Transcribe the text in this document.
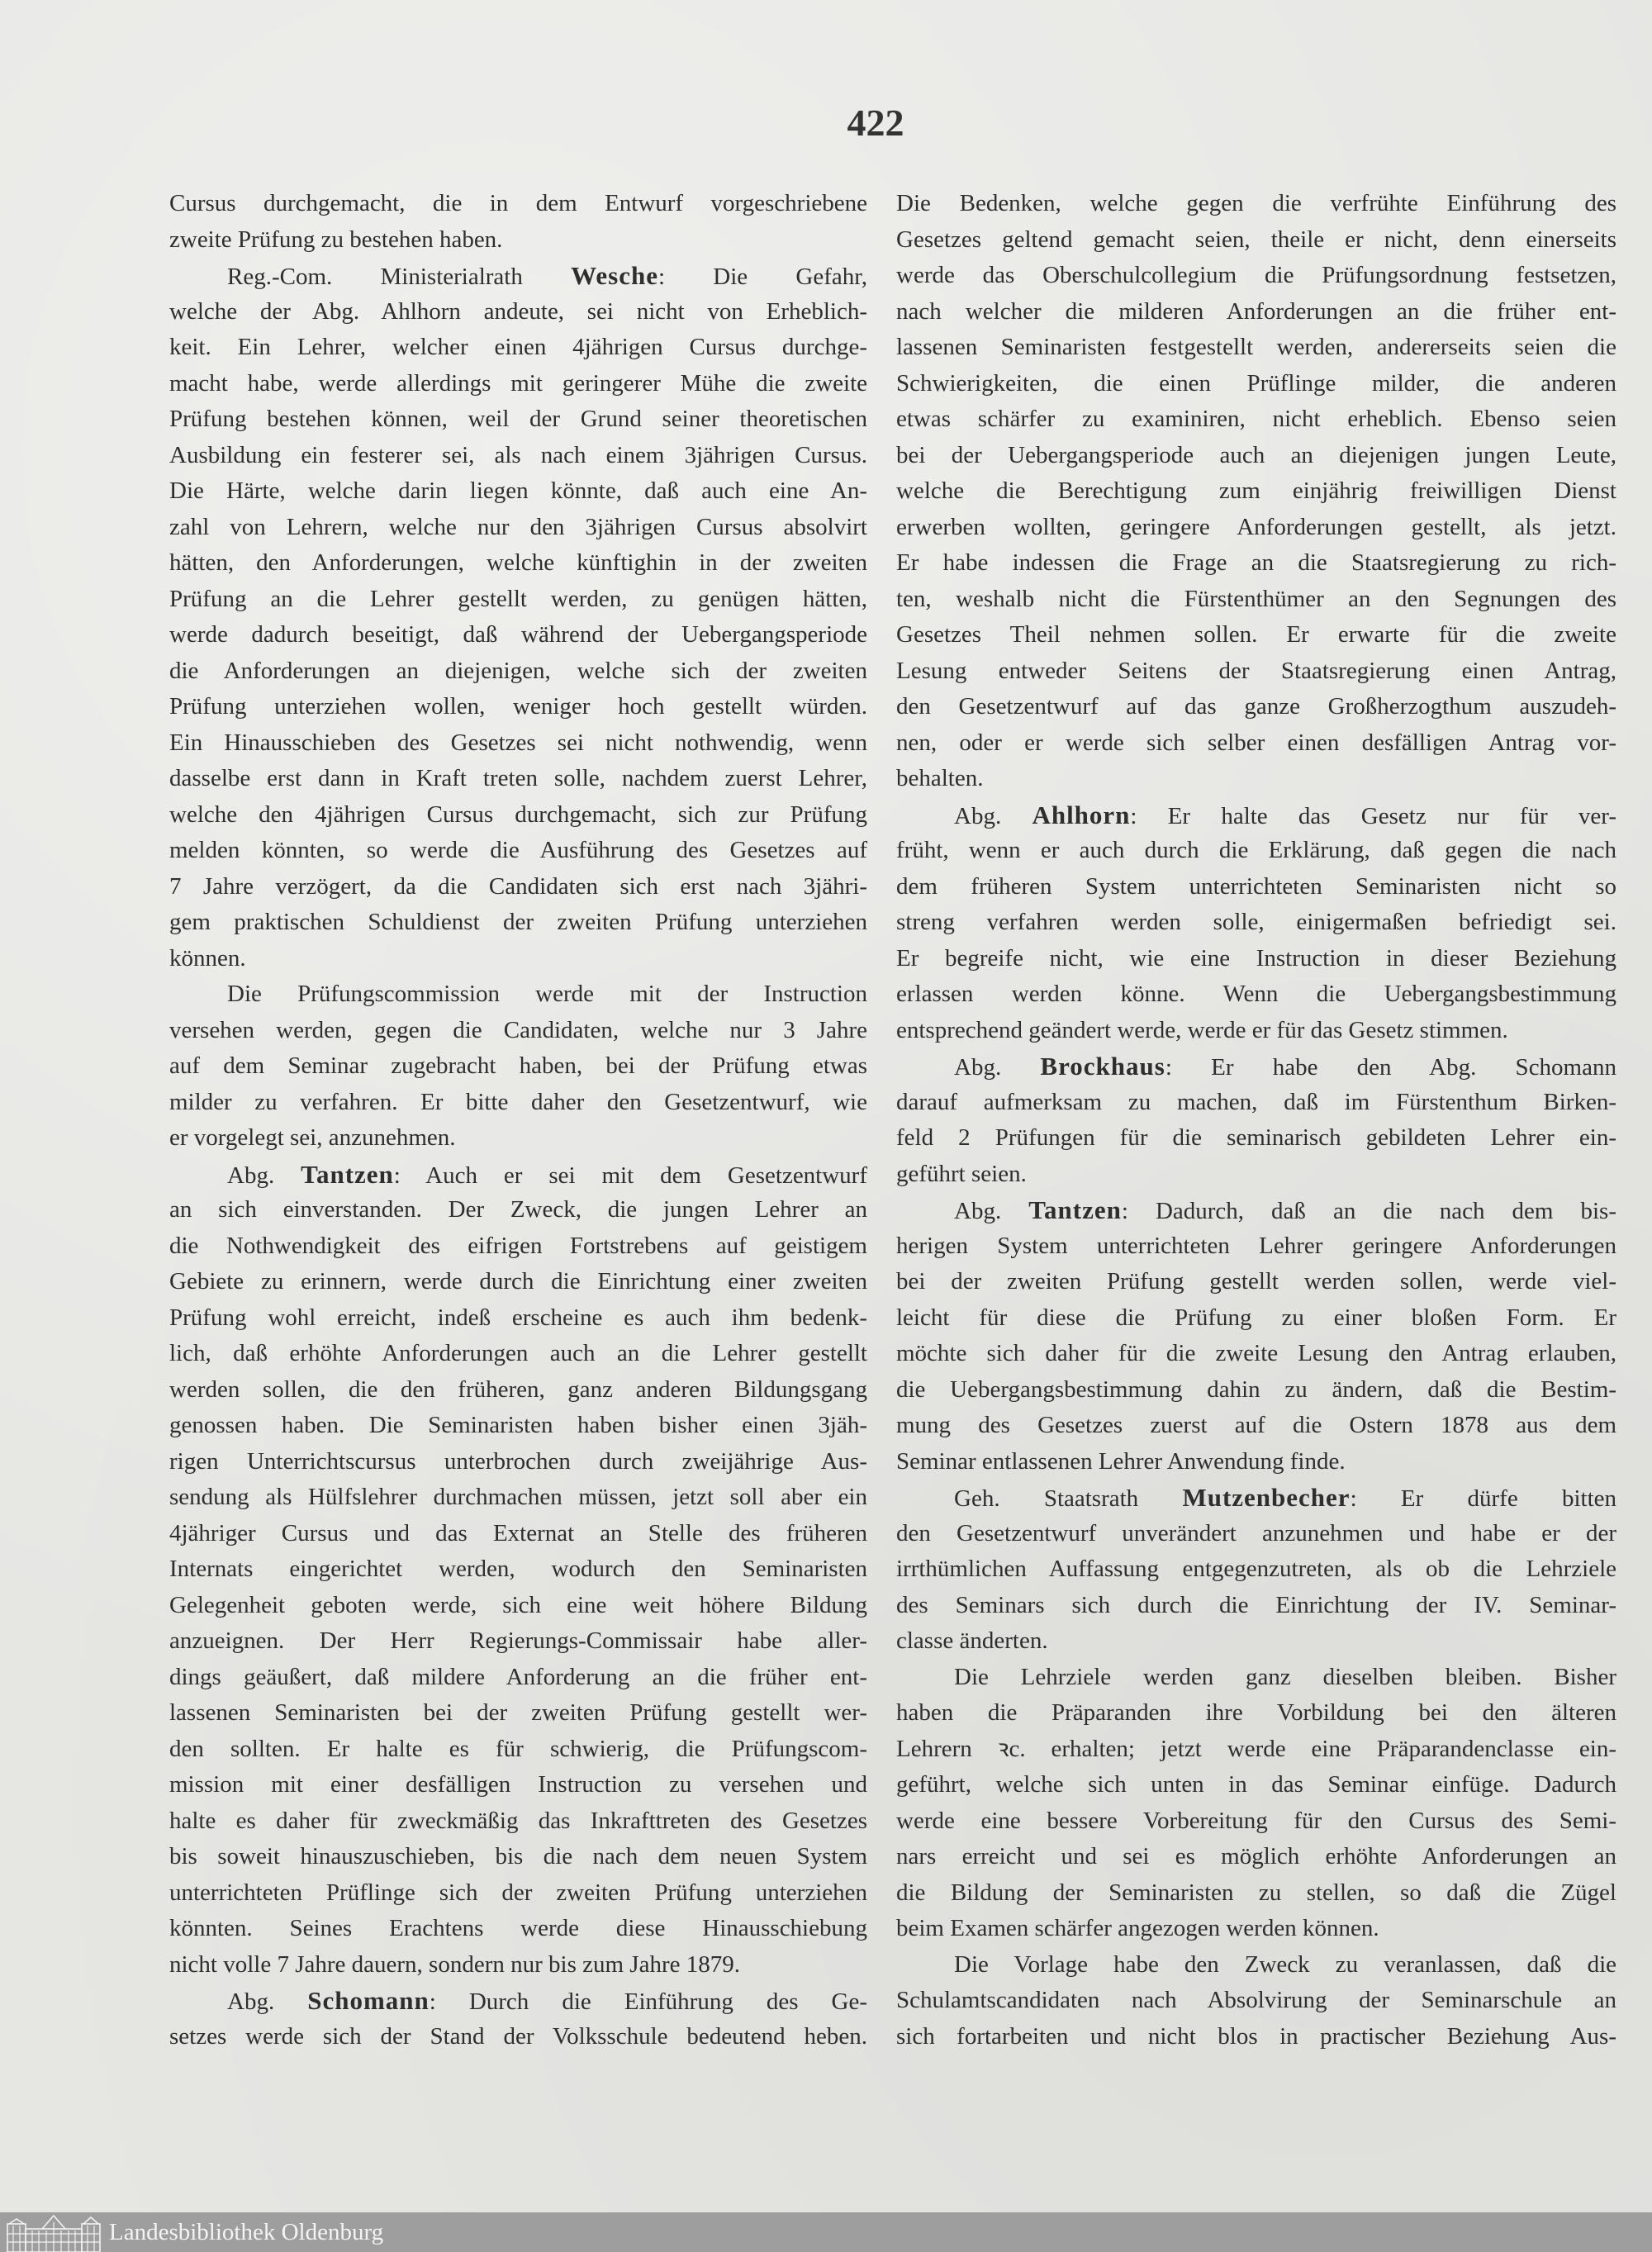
422
Cursus durchgemacht, die in dem Entwurf vorgeschriebene
zweite Prüfung zu bestehen haben.
Reg.-Com. Ministerialrath Wesche: Die Gefahr,
welche der Abg. Ahlhorn andeute, sei nicht von Erheblich-
keit. Ein Lehrer, welcher einen 4jährigen Cursus durchge-
macht habe, werde allerdings mit geringerer Mühe die zweite
Prüfung bestehen können, weil der Grund seiner theoretischen
Ausbildung ein festerer sei, als nach einem 3jährigen Cursus.
Die Härte, welche darin liegen könnte, daß auch eine An-
zahl von Lehrern, welche nur den 3jährigen Cursus absolvirt
hätten, den Anforderungen, welche künftighin in der zweiten
Prüfung an die Lehrer gestellt werden, zu genügen hätten,
werde dadurch beseitigt, daß während der Uebergangsperiode
die Anforderungen an diejenigen, welche sich der zweiten
Prüfung unterziehen wollen, weniger hoch gestellt würden.
Ein Hinausschieben des Gesetzes sei nicht nothwendig, wenn
dasselbe erst dann in Kraft treten solle, nachdem zuerst Lehrer,
welche den 4jährigen Cursus durchgemacht, sich zur Prüfung
melden könnten, so werde die Ausführung des Gesetzes auf
7 Jahre verzögert, da die Candidaten sich erst nach 3jähri-
gem praktischen Schuldienst der zweiten Prüfung unterziehen
können.
Die Prüfungscommission werde mit der Instruction
versehen werden, gegen die Candidaten, welche nur 3 Jahre
auf dem Seminar zugebracht haben, bei der Prüfung etwas
milder zu verfahren. Er bitte daher den Gesetzentwurf, wie
er vorgelegt sei, anzunehmen.
Abg. Tantzen: Auch er sei mit dem Gesetzentwurf
an sich einverstanden. Der Zweck, die jungen Lehrer an
die Nothwendigkeit des eifrigen Fortstrebens auf geistigem
Gebiete zu erinnern, werde durch die Einrichtung einer zweiten
Prüfung wohl erreicht, indeß erscheine es auch ihm bedenk-
lich, daß erhöhte Anforderungen auch an die Lehrer gestellt
werden sollen, die den früheren, ganz anderen Bildungsgang
genossen haben. Die Seminaristen haben bisher einen 3jäh-
rigen Unterrichtscursus unterbrochen durch zweijährige Aus-
sendung als Hülfslehrer durchmachen müssen, jetzt soll aber ein
4jähriger Cursus und das Externat an Stelle des früheren
Internats eingerichtet werden, wodurch den Seminaristen
Gelegenheit geboten werde, sich eine weit höhere Bildung
anzueignen. Der Herr Regierungs-Commissair habe aller-
dings geäußert, daß mildere Anforderung an die früher ent-
lassenen Seminaristen bei der zweiten Prüfung gestellt wer-
den sollten. Er halte es für schwierig, die Prüfungscom-
mission mit einer desfälligen Instruction zu versehen und
halte es daher für zweckmäßig das Inkrafttreten des Gesetzes
bis soweit hinauszuschieben, bis die nach dem neuen System
unterrichteten Prüflinge sich der zweiten Prüfung unterziehen
könnten. Seines Erachtens werde diese Hinausschiebung
nicht volle 7 Jahre dauern, sondern nur bis zum Jahre 1879.
Abg. Schomann: Durch die Einführung des Ge-
setzes werde sich der Stand der Volksschule bedeutend heben.
Die Bedenken, welche gegen die verfrühte Einführung des
Gesetzes geltend gemacht seien, theile er nicht, denn einerseits
werde das Oberschulcollegium die Prüfungsordnung festsetzen,
nach welcher die milderen Anforderungen an die früher ent-
lassenen Seminaristen festgestellt werden, andererseits seien die
Schwierigkeiten, die einen Prüflinge milder, die anderen
etwas schärfer zu examiniren, nicht erheblich. Ebenso seien
bei der Uebergangsperiode auch an diejenigen jungen Leute,
welche die Berechtigung zum einjährig freiwilligen Dienst
erwerben wollten, geringere Anforderungen gestellt, als jetzt.
Er habe indessen die Frage an die Staatsregierung zu rich-
ten, weshalb nicht die Fürstenthümer an den Segnungen des
Gesetzes Theil nehmen sollen. Er erwarte für die zweite
Lesung entweder Seitens der Staatsregierung einen Antrag,
den Gesetzentwurf auf das ganze Großherzogthum auszudeh-
nen, oder er werde sich selber einen desfälligen Antrag vor-
behalten.
Abg. Ahlhorn: Er halte das Gesetz nur für ver-
früht, wenn er auch durch die Erklärung, daß gegen die nach
dem früheren System unterrichteten Seminaristen nicht so
streng verfahren werden solle, einigermaßen befriedigt sei.
Er begreife nicht, wie eine Instruction in dieser Beziehung
erlassen werden könne. Wenn die Uebergangsbestimmung
entsprechend geändert werde, werde er für das Gesetz stimmen.
Abg. Brockhaus: Er habe den Abg. Schomann
darauf aufmerksam zu machen, daß im Fürstenthum Birken-
feld 2 Prüfungen für die seminarisch gebildeten Lehrer ein-
geführt seien.
Abg. Tantzen: Dadurch, daß an die nach dem bis-
herigen System unterrichteten Lehrer geringere Anforderungen
bei der zweiten Prüfung gestellt werden sollen, werde viel-
leicht für diese die Prüfung zu einer bloßen Form. Er
möchte sich daher für die zweite Lesung den Antrag erlauben,
die Uebergangsbestimmung dahin zu ändern, daß die Bestim-
mung des Gesetzes zuerst auf die Ostern 1878 aus dem
Seminar entlassenen Lehrer Anwendung finde.
Geh. Staatsrath Mutzenbecher: Er dürfe bitten
den Gesetzentwurf unverändert anzunehmen und habe er der
irrthümlichen Auffassung entgegenzutreten, als ob die Lehrziele
des Seminars sich durch die Einrichtung der IV. Seminar-
classe änderten.
Die Lehrziele werden ganz dieselben bleiben. Bisher
haben die Präparanden ihre Vorbildung bei den älteren
Lehrern ꝛc. erhalten; jetzt werde eine Präparandenclasse ein-
geführt, welche sich unten in das Seminar einfüge. Dadurch
werde eine bessere Vorbereitung für den Cursus des Semi-
nars erreicht und sei es möglich erhöhte Anforderungen an
die Bildung der Seminaristen zu stellen, so daß die Zügel
beim Examen schärfer angezogen werden können.
Die Vorlage habe den Zweck zu veranlassen, daß die
Schulamtscandidaten nach Absolvirung der Seminarschule an
sich fortarbeiten und nicht blos in practischer Beziehung Aus-
Landesbibliothek Oldenburg
